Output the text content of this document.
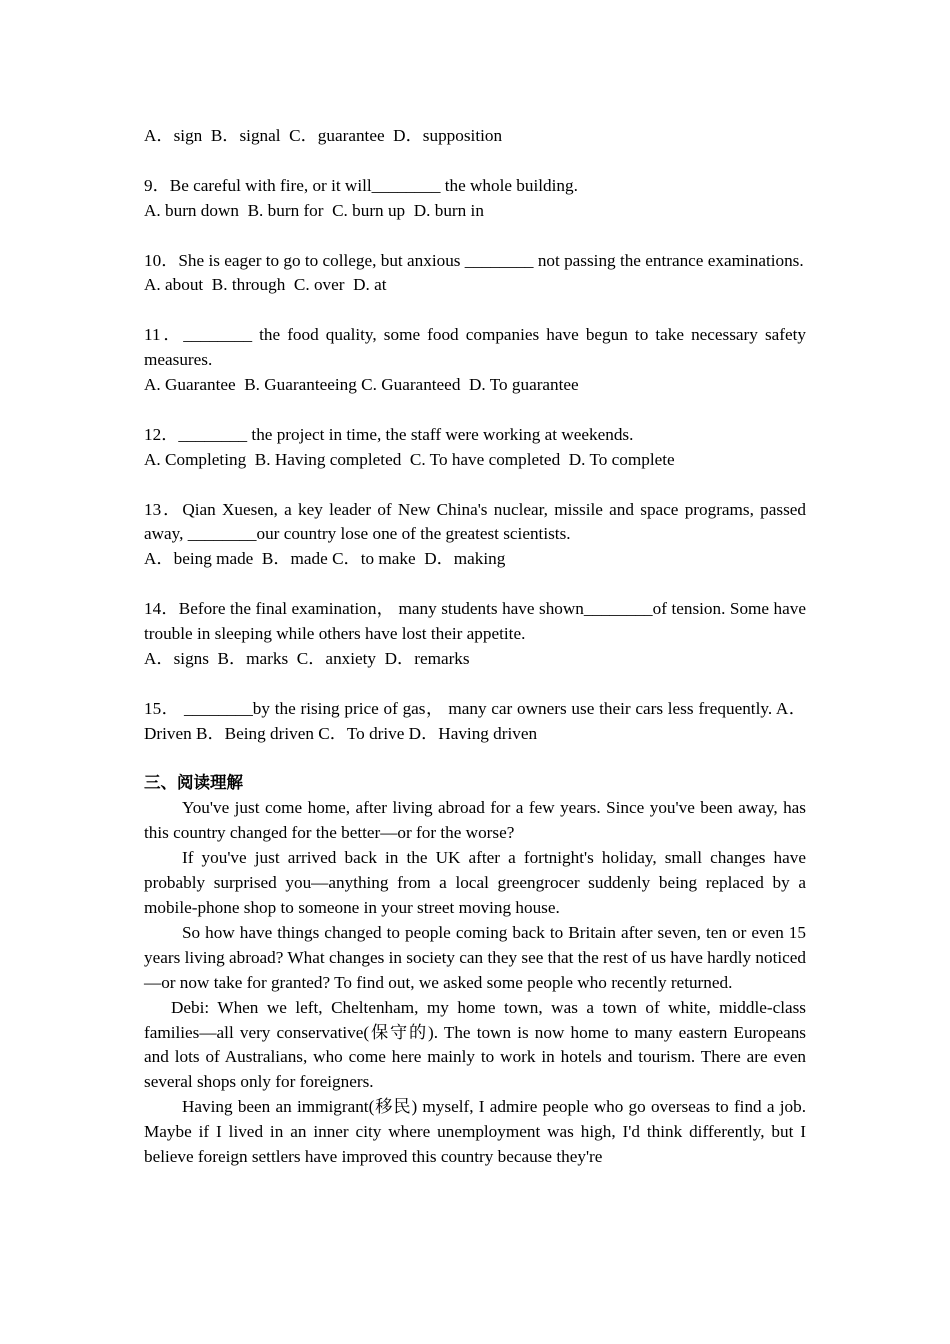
A．sign  B．signal  C．guarantee  D．supposition

9．Be careful with fire, or it will________ the whole building.

A. burn down  B. burn for  C. burn up  D. burn in

10．She is eager to go to college, but anxious ________ not passing the entrance examinations.

A. about  B. through  C. over  D. at

11．________ the food quality, some food companies have begun to take necessary safety measures.

A. Guarantee  B. Guaranteeing C. Guaranteed  D. To guarantee

12．________ the project in time, the staff were working at weekends.

A. Completing  B. Having completed  C. To have completed  D. To complete

13．Qian Xuesen, a key leader of New China's nuclear, missile and space programs, passed away, ________our country lose one of the greatest scientists.

A．being made  B．made C．to make  D．making

14．Before the final examination， many students have shown________of tension. Some have trouble in sleeping while others have lost their appetite.

A．signs  B．marks  C．anxiety  D．remarks

15． ________by the rising price of gas， many car owners use their cars less frequently. A．Driven B．Being driven C．To drive D．Having driven

三、阅读理解

You've just come home, after living abroad for a few years. Since you've been away, has this country changed for the better—or for the worse?

If you've just arrived back in the UK after a fortnight's holiday, small changes have probably surprised you—anything from a local greengrocer suddenly being replaced by a mobile-phone shop to someone in your street moving house.

So how have things changed to people coming back to Britain after seven, ten or even 15 years living abroad? What changes in society can they see that the rest of us have hardly noticed—or now take for granted? To find out, we asked some people who recently returned.

Debi: When we left, Cheltenham, my home town, was a town of white, middle-class families—all very conservative(保守的). The town is now home to many eastern Europeans and lots of Australians, who come here mainly to work in hotels and tourism. There are even several shops only for foreigners.

Having been an immigrant(移民) myself, I admire people who go overseas to find a job. Maybe if I lived in an inner city where unemployment was high, I'd think differently, but I believe foreign settlers have improved this country because they're
